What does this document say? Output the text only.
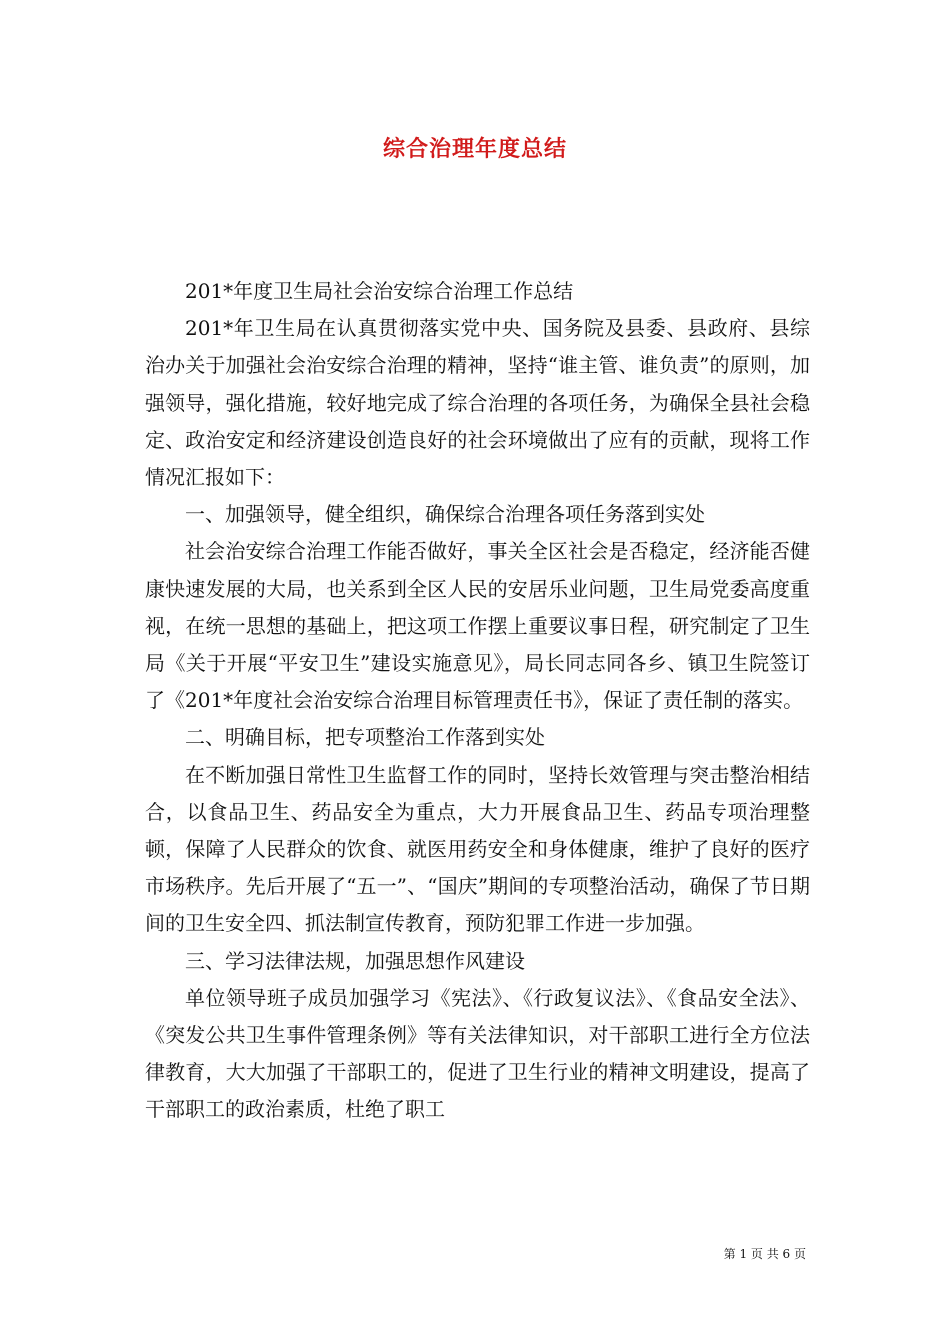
综合治理年度总结

201*年度卫生局社会治安综合治理工作总结

201*年卫生局在认真贯彻落实党中央、国务院及县委、县政府、县综治办关于加强社会治安综合治理的精神，坚持“谁主管、谁负责”的原则，加强领导，强化措施，较好地完成了综合治理的各项任务，为确保全县社会稳定、政治安定和经济建设创造良好的社会环境做出了应有的贡献，现将工作情况汇报如下：

一、加强领导，健全组织，确保综合治理各项任务落到实处

社会治安综合治理工作能否做好，事关全区社会是否稳定，经济能否健康快速发展的大局，也关系到全区人民的安居乐业问题，卫生局党委高度重视，在统一思想的基础上，把这项工作摆上重要议事日程，研究制定了卫生局《关于开展“平安卫生”建设实施意见》，局长同志同各乡、镇卫生院签订了《201*年度社会治安综合治理目标管理责任书》，保证了责任制的落实。

二、明确目标，把专项整治工作落到实处

在不断加强日常性卫生监督工作的同时，坚持长效管理与突击整治相结合，以食品卫生、药品安全为重点，大力开展食品卫生、药品专项治理整顿，保障了人民群众的饮食、就医用药安全和身体健康，维护了良好的医疗市场秩序。先后开展了“五一”、“国庆”期间的专项整治活动，确保了节日期间的卫生安全四、抓法制宣传教育，预防犯罪工作进一步加强。

三、学习法律法规，加强思想作风建设

单位领导班子成员加强学习《宪法》、《行政复议法》、《食品安全法》、《突发公共卫生事件管理条例》等有关法律知识，对干部职工进行全方位法律教育，大大加强了干部职工的，促进了卫生行业的精神文明建设，提高了干部职工的政治素质，杜绝了职工

第 1 页 共 6 页
